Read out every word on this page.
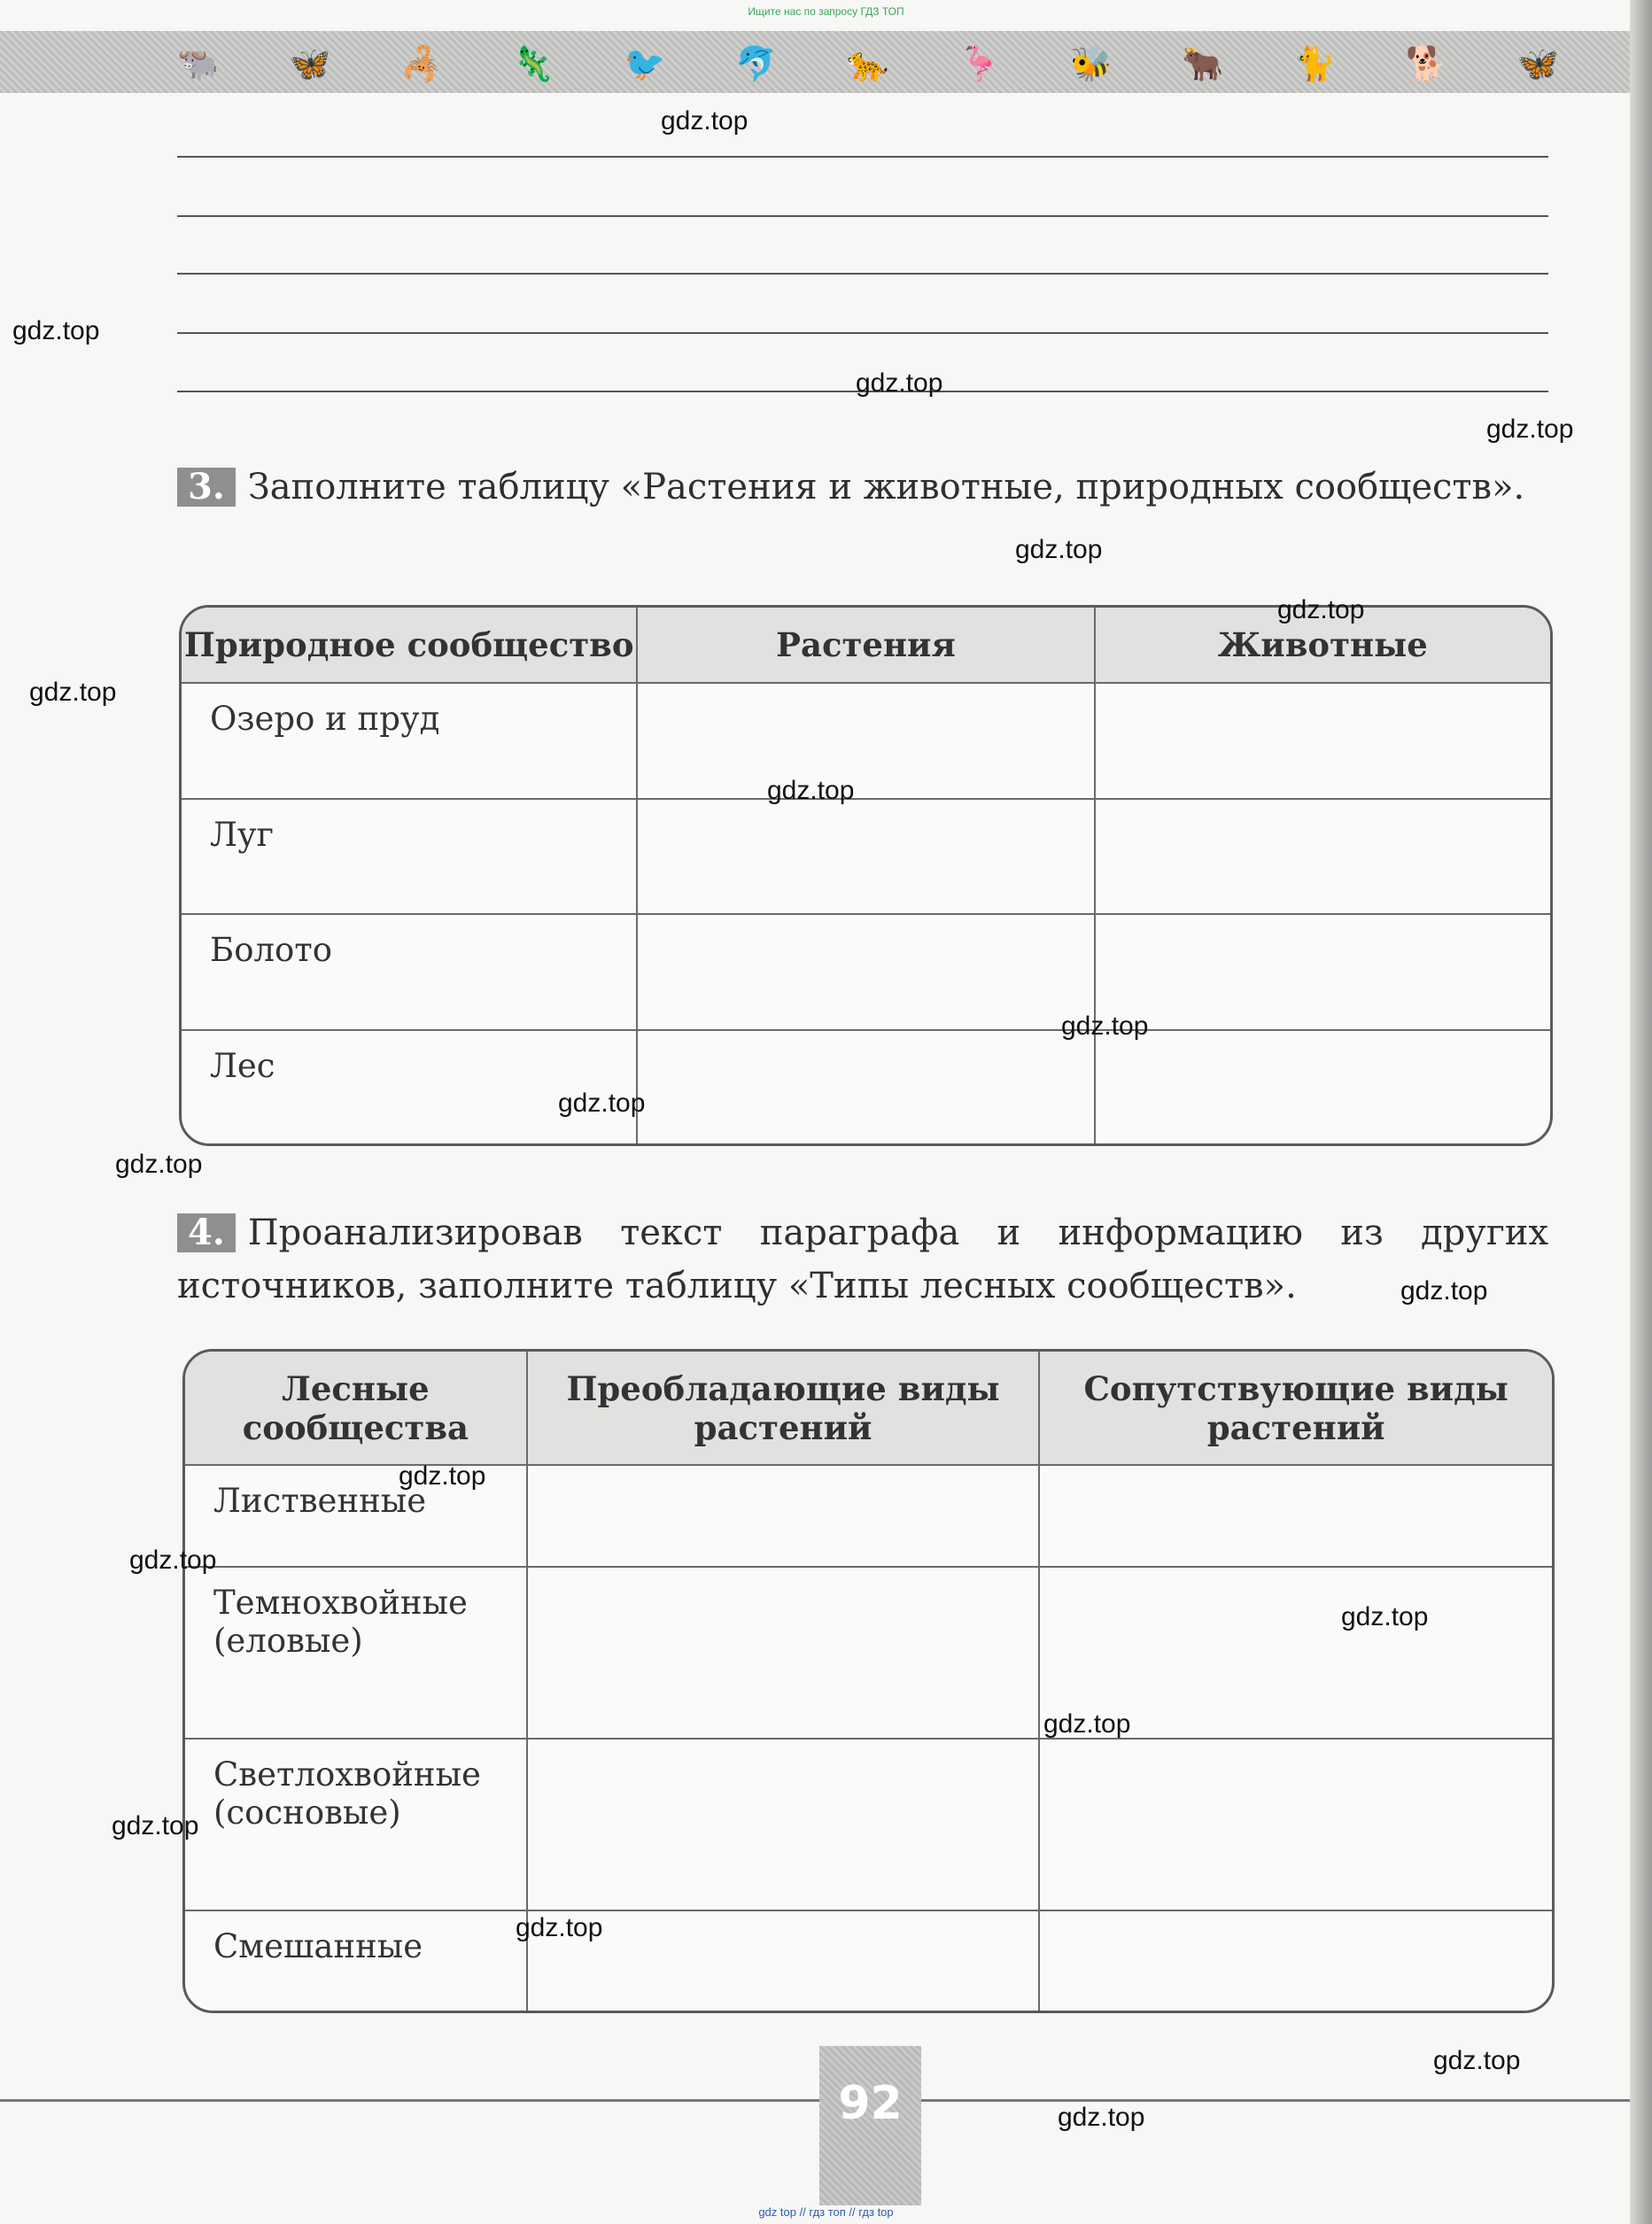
Ищите нас по запросу ГДЗ ТОП
🐃 🦋 🦂 🦎 🐦 🐬 🐆 🦩 🐝 🐂 🐈 🐕 🦋
3. Заполните таблицу «Растения и животные, природных сообществ».
Природное сообщество	Растения	Животные
Озеро и пруд		
Луг		
Болото		
Лес		
4. Проанализировав текст параграфа и информацию из других источников, заполните таблицу «Типы лесных сообществ».
Лесные сообщества	Преобладающие виды растений	Сопутствующие виды растений
Лиственные		
Темнохвойные (еловые)		
Светлохвойные (сосновые)		
Смешанные		
92
gdz.top
gdz.top
gdz.top
gdz.top
gdz.top
gdz.top
gdz.top
gdz.top
gdz.top
gdz.top
gdz.top
gdz.top
gdz.top
gdz.top
gdz.top
gdz.top
gdz.top
gdz.top
gdz.top
gdz.top
gdz top // гдз топ // гдз top
